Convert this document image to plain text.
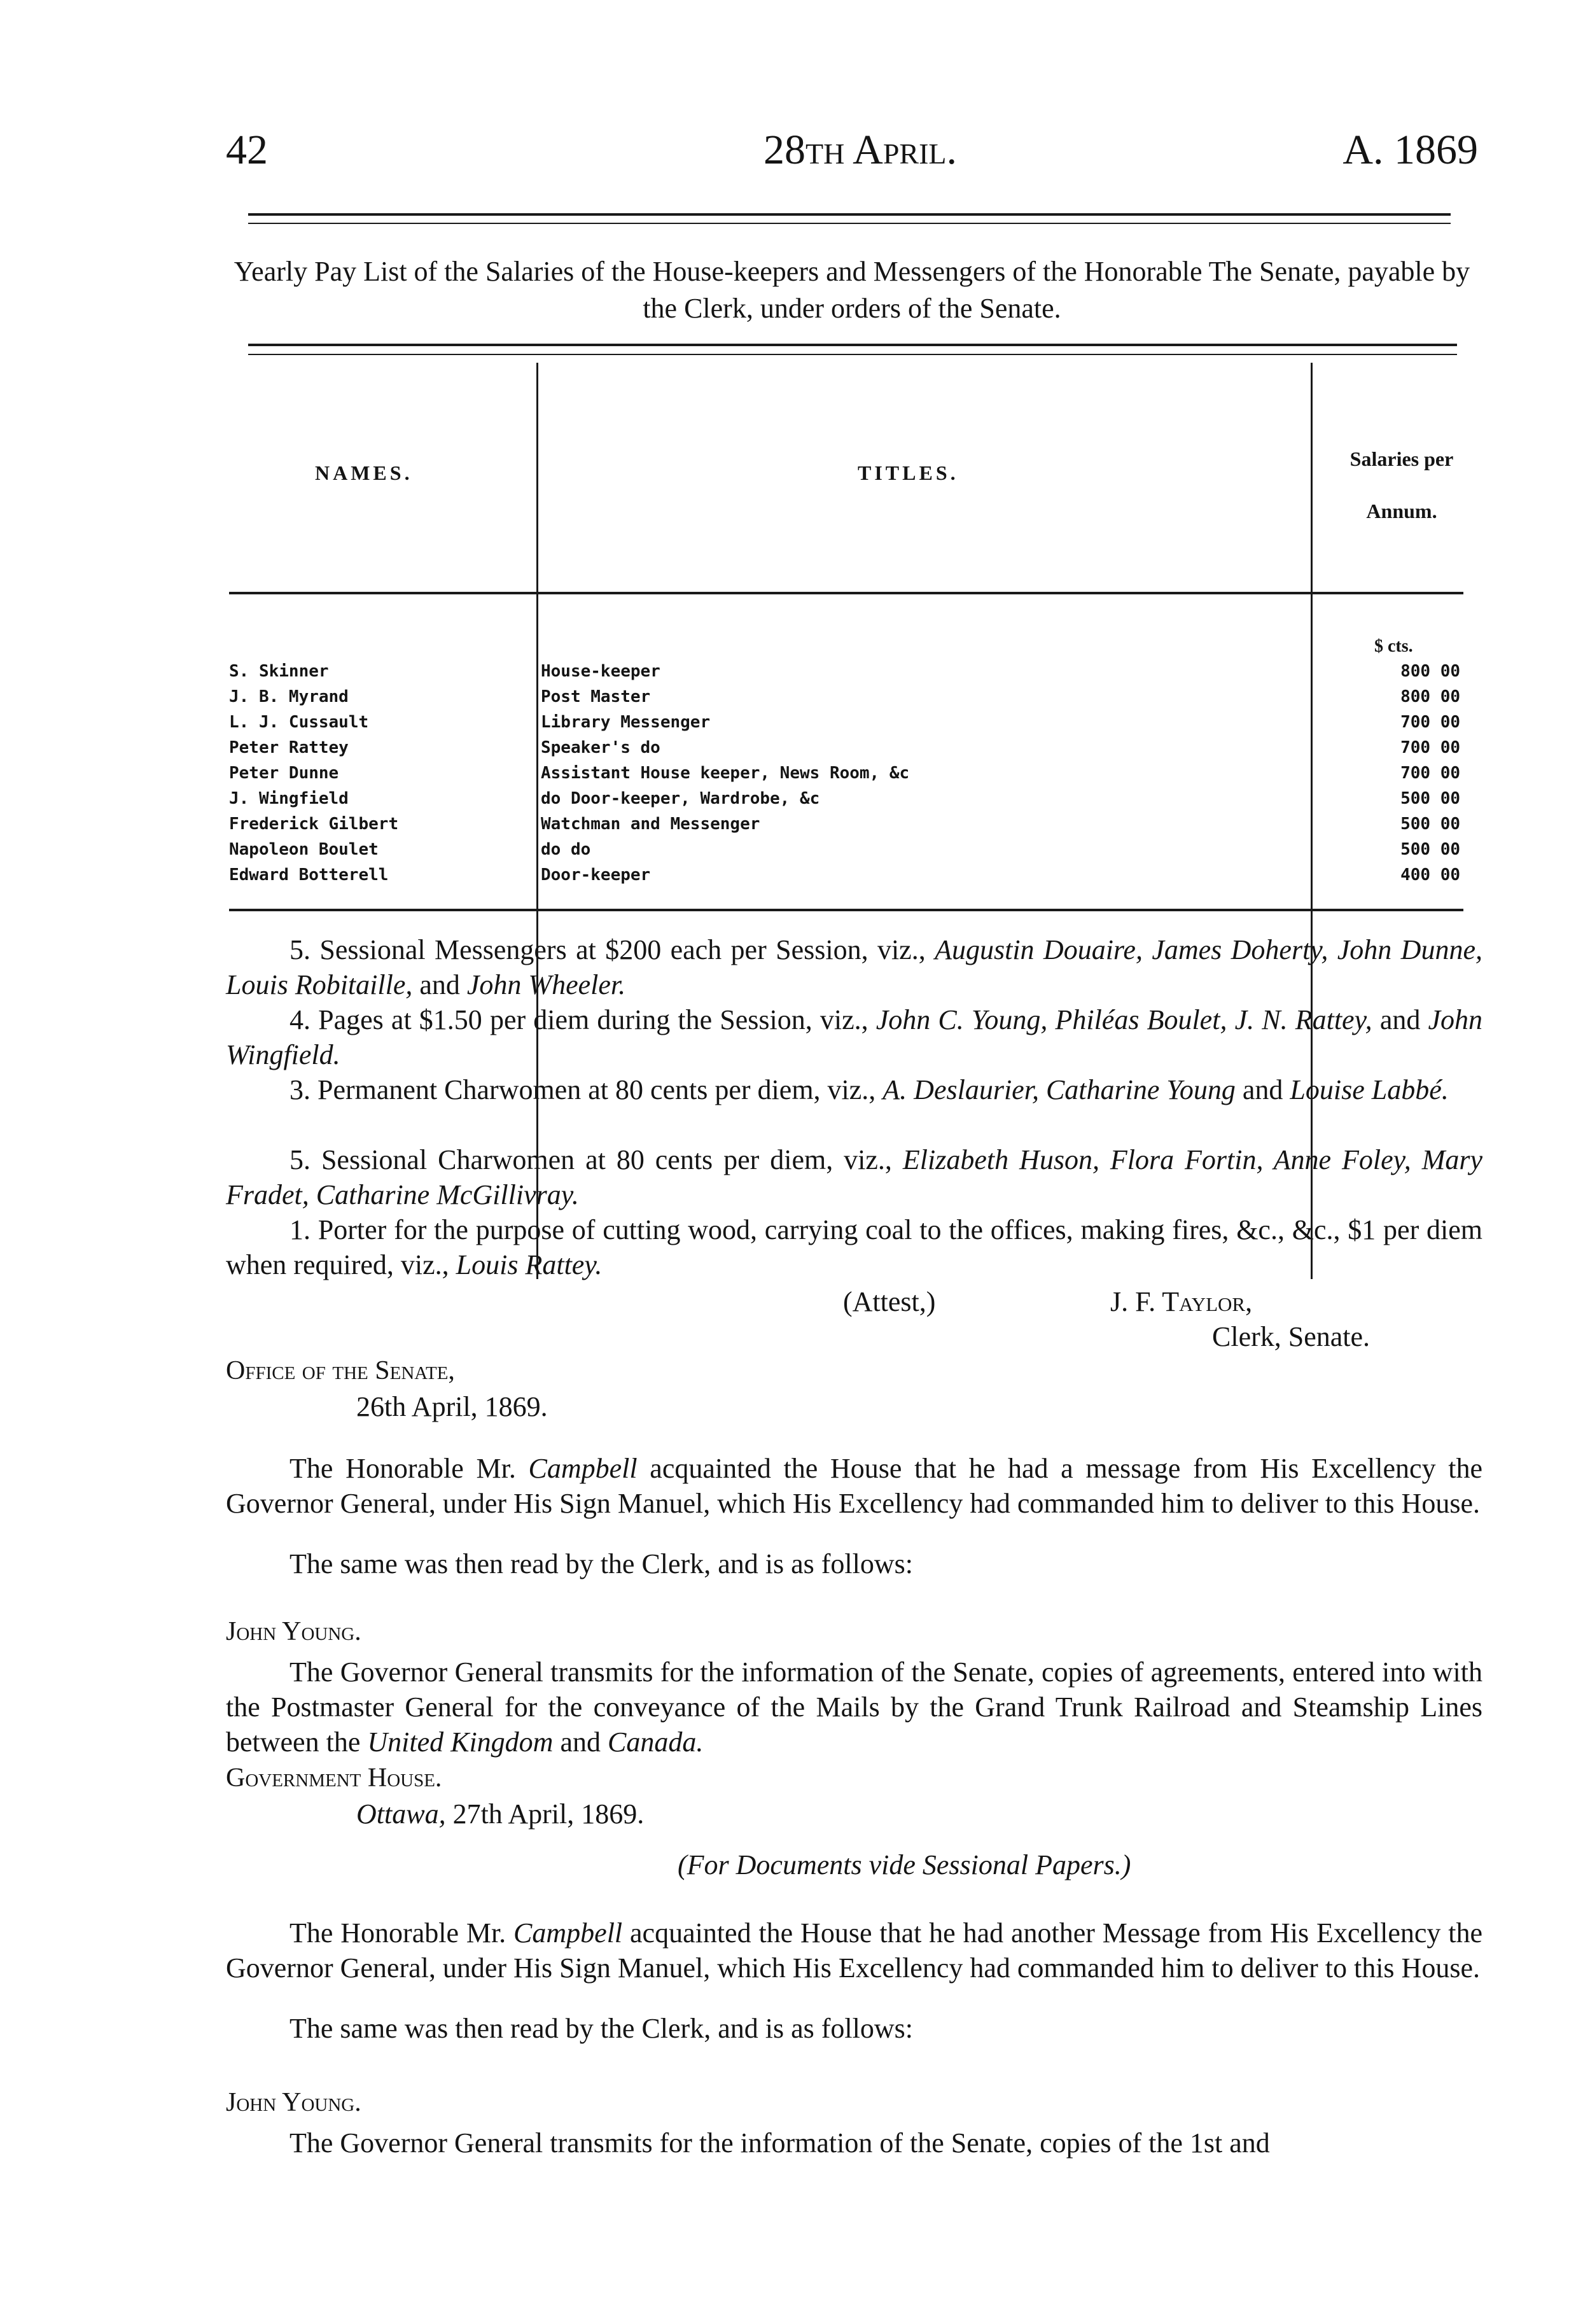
42	28th April.	A. 1869
Yearly Pay List of the Salaries of the House-keepers and Messengers of the Honorable The Senate, payable by the Clerk, under orders of the Senate.
NAMES.	TITLES.
Salaries per
Annum.
$ cts.
S. Skinner	House-keeper	800 00
J. B. Myrand	Post Master	800 00
L. J. Cussault	Library Messenger	700 00
Peter Rattey	Speaker's do	700 00
Peter Dunne	Assistant House keeper, News Room, &c	700 00
J. Wingfield	do Door-keeper, Wardrobe, &c	500 00
Frederick Gilbert	Watchman and Messenger	500 00
Napoleon Boulet	do do	500 00
Edward Botterell	Door-keeper	400 00
5. Sessional Messengers at $200 each per Session, viz., Augustin Douaire, James Doherty, John Dunne, Louis Robitaille, and John Wheeler.
4. Pages at $1.50 per diem during the Session, viz., John C. Young, Philéas Boulet, J. N. Rattey, and John Wingfield.
3. Permanent Charwomen at 80 cents per diem, viz., A. Deslaurier, Catharine Young and Louise Labbé.
5. Sessional Charwomen at 80 cents per diem, viz., Elizabeth Huson, Flora Fortin, Anne Foley, Mary Fradet, Catharine McGillivray.
1. Porter for the purpose of cutting wood, carrying coal to the offices, making fires, &c., &c., $1 per diem when required, viz., Louis Rattey.
(Attest,)	J. F. Taylor,
Clerk, Senate.
Office of the Senate,
26th April, 1869.
The Honorable Mr. Campbell acquainted the House that he had a message from His Excellency the Governor General, under His Sign Manuel, which His Excellency had commanded him to deliver to this House.
The same was then read by the Clerk, and is as follows:
John Young.
The Governor General transmits for the information of the Senate, copies of agreements, entered into with the Postmaster General for the conveyance of the Mails by the Grand Trunk Railroad and Steamship Lines between the United Kingdom and Canada.
Government House.
Ottawa, 27th April, 1869.
(For Documents vide Sessional Papers.)
The Honorable Mr. Campbell acquainted the House that he had another Message from His Excellency the Governor General, under His Sign Manuel, which His Excellency had commanded him to deliver to this House.
The same was then read by the Clerk, and is as follows:
John Young.
The Governor General transmits for the information of the Senate, copies of the 1st and
